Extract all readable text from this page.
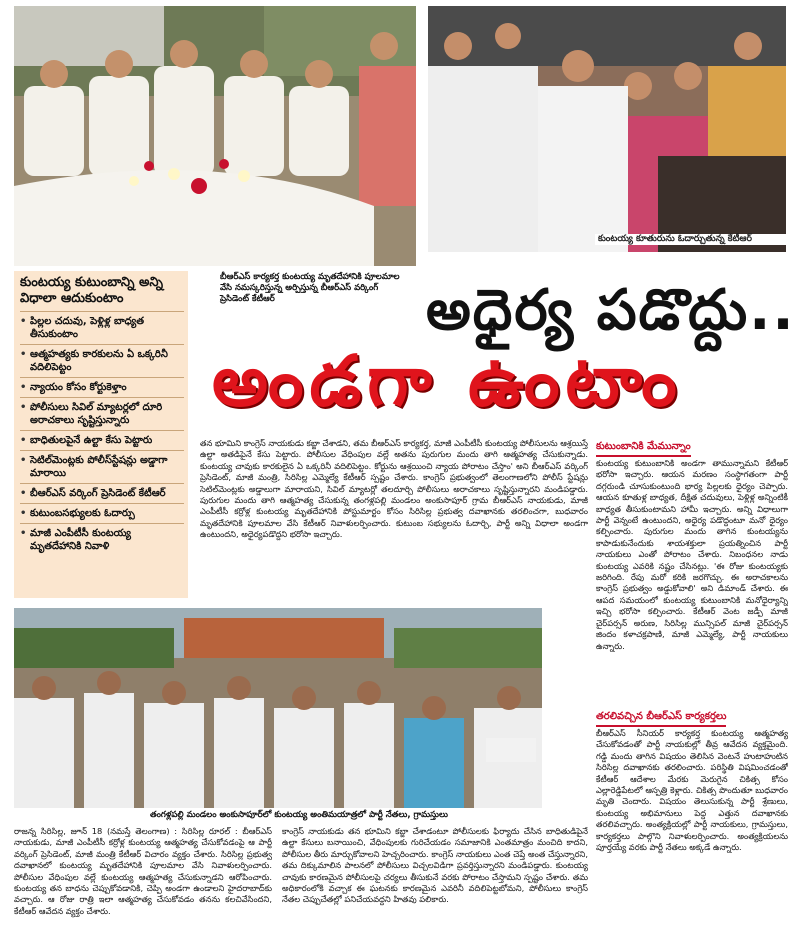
కుంటయ్య కూతురును ఓదార్చుతున్న కేటీఆర్
కుంటయ్య కుటుంబాన్ని అన్ని విధాలా ఆదుకుంటాం
• పిల్లల చదువు, పెళ్లిళ్ల బాధ్యత తీసుకుంటాం
• ఆత్మహత్యకు కారకులను ఏ ఒక్కరినీ వదిలిపెట్టం
• న్యాయం కోసం కోర్టుకెళ్తాం
• పోలీసులు సివిల్ మ్యాటర్లలో దూరి అరాచకాలు సృష్టిస్తున్నారు
• బాధితులపైనే ఉల్టా కేసు పెట్టారు
• సెటిల్‌మెంట్లకు పోలీస్‌స్టేషన్లు అడ్డాగా మారాయి
• బీఆర్‌ఎస్ వర్కింగ్ ప్రెసిడెంట్ కేటీఆర్
• కుటుంబసభ్యులకు ఓదార్పు
• మాజీ ఎంపీటీసీ కుంటయ్య మృతదేహానికి నివాళి
బీఆర్‌ఎస్ కార్యకర్త కుంటయ్య మృతదేహానికి పూలమాల వేసి నమస్కరిస్తున్న అర్పిస్తున్న బీఆర్‌ఎస్ వర్కింగ్ ప్రెసిడెంట్ కేటీఆర్	అధైర్య పడొద్దు..
అండగా ఉంటాం
తన భూమిని కాంగ్రెస్ నాయకుడు కబ్జా చేశాడని, తమ బీఆర్‌ఎస్ కార్యకర్త, మాజీ ఎంపీటీసీ కుంటయ్య పోలీసులను ఆశ్రయిస్తే ఉల్టా అతడిపైనే కేసు పెట్టారు. పోలీసుల వేధింపుల వల్లే అతను పురుగుల మందు తాగి ఆత్మహత్య చేసుకున్నాడు. కుంటయ్య చావుకు కారకులైన ఏ ఒక్కరినీ వదిలిపెట్టం. కోర్టును ఆశ్రయించి న్యాయ పోరాటం చేస్తాం' అని బీఆర్‌ఎస్ వర్కింగ్ ప్రెసిడెంట్, మాజీ మంత్రి, సిరిసిల్ల ఎమ్మెల్యే కేటీఆర్ స్పష్టం చేశారు. కాంగ్రెస్ ప్రభుత్వంలో తెలంగాణలోని పోలీస్ స్టేషన్లు సెటిల్‌మెంట్లకు అడ్డాలుగా మారాయని, సివిల్ మ్యాటర్లో తలదూర్చి పోలీసులు అరాచకాలు సృష్టిస్తున్నారని మండిపడ్డారు. పురుగుల మందు తాగి ఆత్మహత్య చేసుకున్న తంగళ్లపల్లి మండలం అంకుసాపూర్ గ్రామ బీఆర్‌ఎస్ నాయకుడు, మాజీ ఎంపీటీసీ కర్రోళ్ల కుంటయ్య మృతదేహానికి పోస్టుమార్టం కోసం సిరిసిల్ల ప్రభుత్వ దవాఖానకు తరలించగా, బుధవారం మృతదేహానికి పూలమాల వేసి కేటీఆర్ నివాళులర్పించారు. కుటుంబ సభ్యులను ఓదార్చి, పార్టీ అన్ని విధాలా అండగా ఉంటుందని, అధైర్యపడొద్దని భరోసా ఇచ్చారు.
కుటుంబానికి మేమున్నాం
కుంటయ్య కుటుంబానికి అండగా తామున్నామని కేటీఆర్ భరోసా ఇచ్చారు. ఆయన మరణం సంస్థాగతంగా పార్టీ దగ్గరుండి చూసుకుంటుంది భార్య పిల్లలకు ధైర్యం చెప్పారు. ఆయన కూతుళ్ల బాధ్యత, దీక్షిత చదువులు, పెళ్లిళ్ల అన్నింటికీ బాధ్యత తీసుకుంటామని హామీ ఇచ్చారు. అన్ని విధాలుగా పార్టీ వెన్నంటే ఉంటుందని, అధైర్య పడొద్దంటూ మనో ధైర్యం కల్పించారు. పురుగుల మందు తాగిన కుంటయ్యను కాపాడుకునేందుకు శాయశక్తులా ప్రయత్నించిన పార్టీ నాయకులు ఎంతో పోరాటం చేశారు. నిబంధనల నాడు కుంటయ్య ఎవరికి నష్టం చేసినట్లు. 'ఈ రోజు కుంటయ్యకు జరిగింది. రేపు మరో కరికి జరగొచ్చు. ఈ అరాచకాలను కాంగ్రెస్ ప్రభుత్వం అడ్డుకోవాలి' అని డిమాండ్ చేశారు. ఈ ఆపద సమయంలో కుంటయ్య కుటుంబానికి మనోధైర్యాన్ని ఇచ్చి భరోసా కల్పించారు. కేటీఆర్ వెంట జడ్పీ మాజీ చైర్‌పర్సన్ అరుణ, సిరిసిల్ల మున్సిపల్ మాజీ చైర్‌పర్సన్ జిందం కళాచక్రపాణి, మాజీ ఎమ్మెల్యే, పార్టీ నాయకులు ఉన్నారు.
తరలివచ్చిన బీఆర్‌ఎస్ కార్యకర్తలు
బీఆర్‌ఎస్ సీనియర్ కార్యకర్త కుంటయ్య ఆత్మహత్య చేసుకోవడంతో పార్టీ నాయకుల్లో తీవ్ర ఆవేదన వ్యక్తమైంది. గడ్డి మందు తాగిన విషయం తెలిసిన వెంటనే హుటాహుటిన సిరిసిల్ల దవాఖానకు తరలించారు. పరిస్థితి విషమించడంతో కేటీఆర్ ఆదేశాల మేరకు మెరుగైన చికిత్స కోసం ఎల్లారెడ్డిపేటలో ఆస్పత్రి కెళ్లారు. చికిత్స పొందుతూ బుధవారం మృతి చెందారు. విషయం తెలుసుకున్న పార్టీ శ్రేణులు, కుంటయ్య అభిమానులు పెద్ద ఎత్తున దవాఖానకు తరలివచ్చారు. అంత్యక్రియల్లో పార్టీ నాయకులు, గ్రామస్తులు, కార్యకర్తలు పాల్గొని నివాళులర్పించారు. అంత్యక్రియలను పూర్తయ్యే వరకు పార్టీ నేతలు అక్కడే ఉన్నారు.
తంగళ్లపల్లి మండలం అంకుసాపూర్‌లో కుంటయ్య అంతిమయాత్రలో పార్టీ నేతలు, గ్రామస్తులు
రాజన్న సిరిసిల్ల, జూన్ 18 (నమస్తే తెలంగాణ) : సిరిసిల్ల రూరల్ : బీఆర్‌ఎస్ నాయకుడు, మాజీ ఎంపీటీసీ కర్రోళ్ల కుంటయ్య ఆత్మహత్య చేసుకోవడంపై ఆ పార్టీ వర్కింగ్ ప్రెసిడెంట్, మాజీ మంత్రి కేటీఆర్ విచారం వ్యక్తం చేశారు. సిరిసిల్ల ప్రభుత్వ దవాఖానలో కుంటయ్య మృతదేహానికి పూలమాల వేసి నివాళులర్పించారు. పోలీసుల వేధింపుల వల్లే కుంటయ్య ఆత్మహత్య చేసుకున్నాడని ఆరోపించారు. కుంటయ్య తన బాధను చెప్పుకోవడానికి, చెప్పి అండగా ఉండాలని హైదరాబాద్‌కు వచ్చారు. ఆ రోజు రాత్రి ఇలా ఆత్మహత్య చేసుకోవడం తనను కలచివేసిందని, కేటీఆర్ ఆవేదన వ్యక్తం చేశారు.
కాంగ్రెస్ నాయకుడు తన భూమిని కబ్జా చేశాడంటూ పోలీసులకు ఫిర్యాదు చేసిన బాధితుడిపైనే ఉల్టా కేసులు బనాయించి, వేధింపులకు గురిచేయడం సమాజానికి ఎంతమాత్రం మంచిది కాదని, పోలీసుల తీరు మార్చుకోవాలని హెచ్చరించారు. కాంగ్రెస్ నాయకులు ఎంత చెప్తే అంత చేస్తున్నారని, తమ దిక్కుమాలిన పాలనలో పోలీసులు విచ్చలవిడిగా ప్రవర్తిస్తున్నారని మండిపడ్డారు. కుంటయ్య చావుకు కారణమైన పోలీసులపై చర్యలు తీసుకునే వరకు పోరాటం చేస్తామని స్పష్టం చేశారు. తమ అధికారంలోకి వచ్చాక ఈ ఘటనకు కారణమైన ఎవరినీ వదిలిపెట్టబోమని, పోలీసులు కాంగ్రెస్ నేతల చెప్పుచేతల్లో పనిచేయవద్దని హితవు పలికారు.
